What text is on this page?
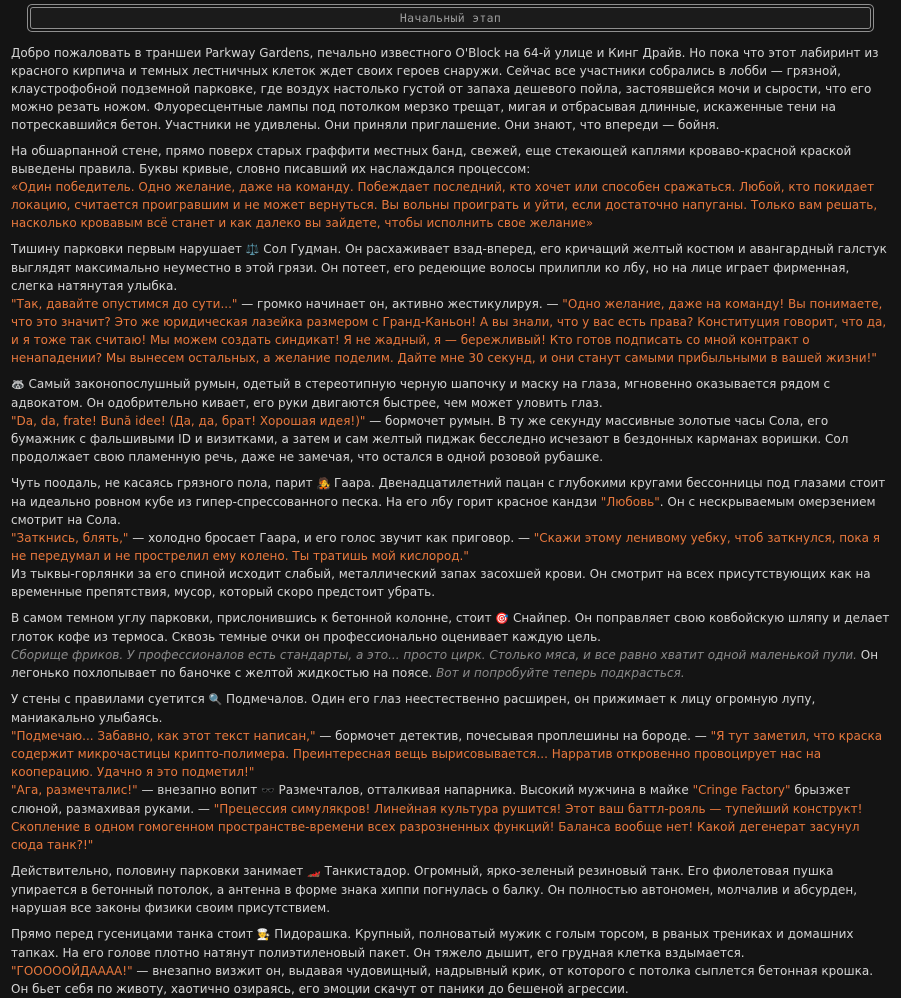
Начальный этап

Добро пожаловать в траншеи Parkway Gardens, печально известного O'Block на 64-й улице и Кинг Драйв. Но пока что этот лабиринт из красного кирпича и темных лестничных клеток ждет своих героев снаружи. Сейчас все участники собрались в лобби — грязной, клаустрофобной подземной парковке, где воздух настолько густой от запаха дешевого пойла, застоявшейся мочи и сырости, что его можно резать ножом. Флуоресцентные лампы под потолком мерзко трещат, мигая и отбрасывая длинные, искаженные тени на потрескавшийся бетон. Участники не удивлены. Они приняли приглашение. Они знают, что впереди — бойня.

На обшарпанной стене, прямо поверх старых граффити местных банд, свежей, еще стекающей каплями кроваво-красной краской выведены правила. Буквы кривые, словно писавший их наслаждался процессом:
«Один победитель. Одно желание, даже на команду. Побеждает последний, кто хочет или способен сражаться. Любой, кто покидает локацию, считается проигравшим и не может вернуться. Вы вольны проиграть и уйти, если достаточно напуганы. Только вам решать, насколько кровавым всё станет и как далеко вы зайдете, чтобы исполнить свое желание»

Тишину парковки первым нарушает ⚖️ Сол Гудман. Он расхаживает взад-вперед, его кричащий желтый костюм и авангардный галстук выглядят максимально неуместно в этой грязи. Он потеет, его редеющие волосы прилипли ко лбу, но на лице играет фирменная, слегка натянутая улыбка.
"Так, давайте опустимся до сути..." — громко начинает он, активно жестикулируя. — "Одно желание, даже на команду! Вы понимаете, что это значит? Это же юридическая лазейка размером с Гранд-Каньон! А вы знали, что у вас есть права? Конституция говорит, что да, и я тоже так считаю! Мы можем создать синдикат! Я не жадный, я — бережливый! Кто готов подписать со мной контракт о ненападении? Мы вынесем остальных, а желание поделим. Дайте мне 30 секунд, и они станут самыми прибыльными в вашей жизни!"

🦝 Самый законопослушный румын, одетый в стереотипную черную шапочку и маску на глаза, мгновенно оказывается рядом с адвокатом. Он одобрительно кивает, его руки двигаются быстрее, чем может уловить глаз.
"Da, da, frate! Bună idee! (Да, да, брат! Хорошая идея!)" — бормочет румын. В ту же секунду массивные золотые часы Сола, его бумажник с фальшивыми ID и визитками, а затем и сам желтый пиджак бесследно исчезают в бездонных карманах воришки. Сол продолжает свою пламенную речь, даже не замечая, что остался в одной розовой рубашке.

Чуть поодаль, не касаясь грязного пола, парит 🧑‍🎤 Гаара. Двенадцатилетний пацан с глубокими кругами бессонницы под глазами стоит на идеально ровном кубе из гипер-спрессованного песка. На его лбу горит красное кандзи "Любовь". Он с нескрываемым омерзением смотрит на Сола.
"Заткнись, блять," — холодно бросает Гаара, и его голос звучит как приговор. — "Скажи этому ленивому уебку, чтоб заткнулся, пока я не передумал и не прострелил ему колено. Ты тратишь мой кислород."
Из тыквы-горлянки за его спиной исходит слабый, металлический запах засохшей крови. Он смотрит на всех присутствующих как на временные препятствия, мусор, который скоро предстоит убрать.

В самом темном углу парковки, прислонившись к бетонной колонне, стоит 🎯 Снайпер. Он поправляет свою ковбойскую шляпу и делает глоток кофе из термоса. Сквозь темные очки он профессионально оценивает каждую цель.
Сборище фриков. У профессионалов есть стандарты, а это... просто цирк. Столько мяса, и все равно хватит одной маленькой пули. Он легонько похлопывает по баночке с желтой жидкостью на поясе. Вот и попробуйте теперь подкрасться.

У стены с правилами суетится 🔍 Подмечалов. Один его глаз неестественно расширен, он прижимает к лицу огромную лупу, маниакально улыбаясь.
"Подмечаю... Забавно, как этот текст написан," — бормочет детектив, почесывая проплешины на бороде. — "Я тут заметил, что краска содержит микрочастицы крипто-полимера. Преинтересная вещь вырисовывается... Нарратив откровенно провоцирует нас на кооперацию. Удачно я это подметил!"
"Ага, размечталис!" — внезапно вопит 🕶️ Размечталов, отталкивая напарника. Высокий мужчина в майке "Cringe Factory" брызжет слюной, размахивая руками. — "Прецессия симулякров! Линейная культура рушится! Этот ваш баттл-рояль — тупейший конструкт! Скопление в одном гомогенном пространстве-времени всех разрозненных функций! Баланса вообще нет! Какой дегенерат засунул сюда танк?!"

Действительно, половину парковки занимает 🏎️ Танкистадор. Огромный, ярко-зеленый резиновый танк. Его фиолетовая пушка упирается в бетонный потолок, а антенна в форме знака хиппи погнулась о балку. Он полностью автономен, молчалив и абсурден, нарушая все законы физики своим присутствием.

Прямо перед гусеницами танка стоит 🧑‍🍳 Пидорашка. Крупный, полноватый мужик с голым торсом, в рваных трениках и домашних тапках. На его голове плотно натянут полиэтиленовый пакет. Он тяжело дышит, его грудная клетка вздымается.
"ГОООООЙДАААА!" — внезапно визжит он, выдавая чудовищный, надрывный крик, от которого с потолка сыплется бетонная крошка. Он бьет себя по животу, хаотично озираясь, его эмоции скачут от паники до бешеной агрессии.
